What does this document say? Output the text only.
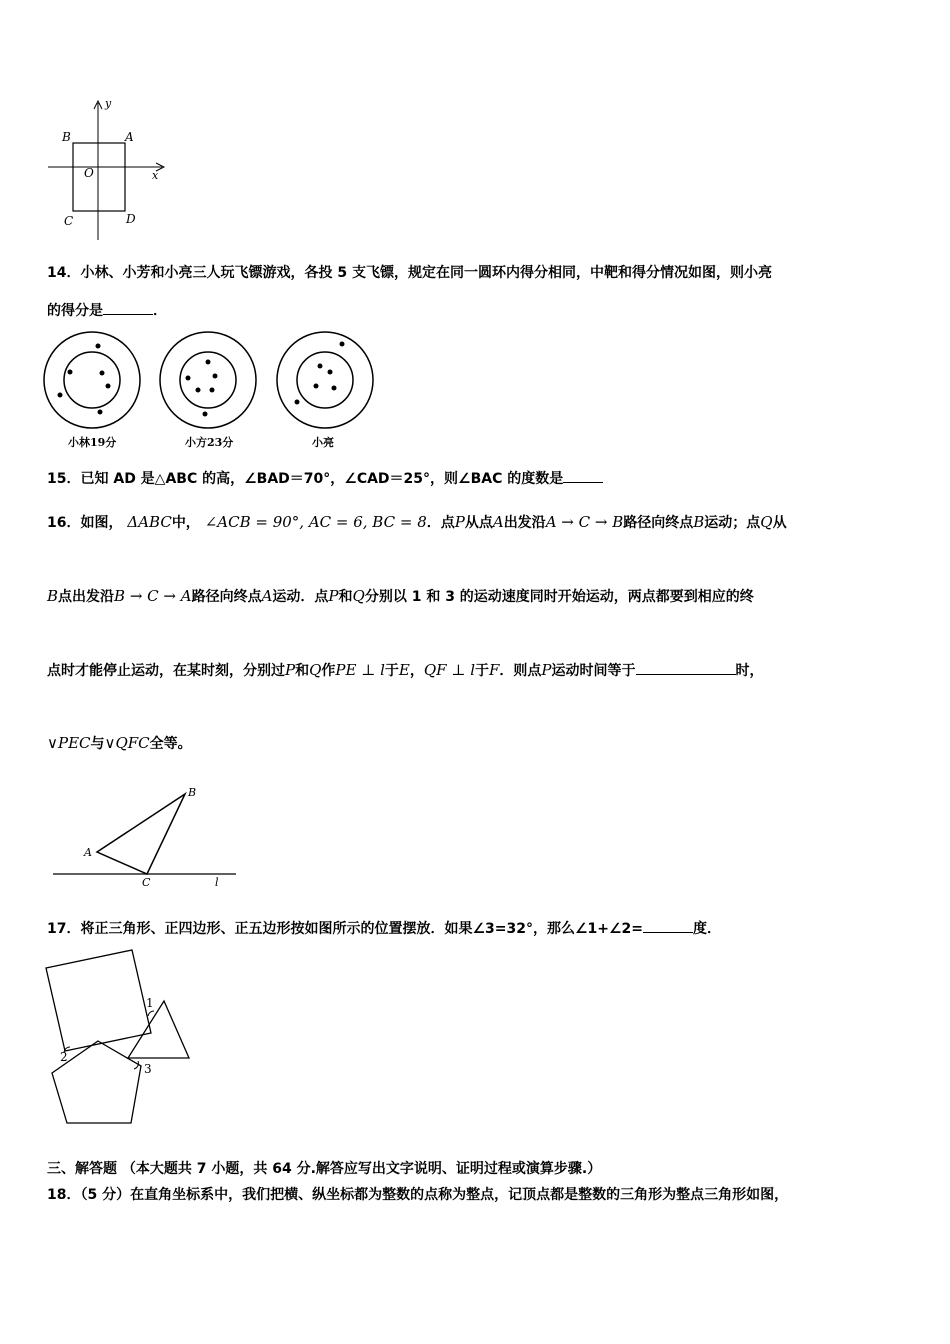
y
x
A
B
C	D
O
14．小林、小芳和小亮三人玩飞镖游戏，各投 5 支飞镖，规定在同一圆环内得分相同，中靶和得分情况如图，则小亮
的得分是	．
小林19分	小方23分	小亮
15．已知 AD 是△ABC 的高，∠BAD＝70°，∠CAD＝25°，则∠BAC 的度数是
16．如图， ΔABC中， ∠ACB = 90°, AC = 6, BC = 8．点P从点A出发沿A → C → B路径向终点B运动；点Q从
B点出发沿B → C → A路径向终点A运动．点P和Q分别以 1 和 3 的运动速度同时开始运动，两点都要到相应的终
点时才能停止运动，在某时刻，分别过P和Q作PE ⊥ l于E，QF ⊥ l于F．则点P运动时间等于	时，
∨PEC与∨QFC全等。
A
B
C	l
17．将正三角形、正四边形、正五边形按如图所示的位置摆放．如果∠3=32°，那么∠1+∠2=	度．
1
2
3
三、解答题 （本大题共 7 小题，共 64 分.解答应写出文字说明、证明过程或演算步骤.）
18．（5 分）在直角坐标系中，我们把横、纵坐标都为整数的点称为整点，记顶点都是整数的三角形为整点三角形如图，
